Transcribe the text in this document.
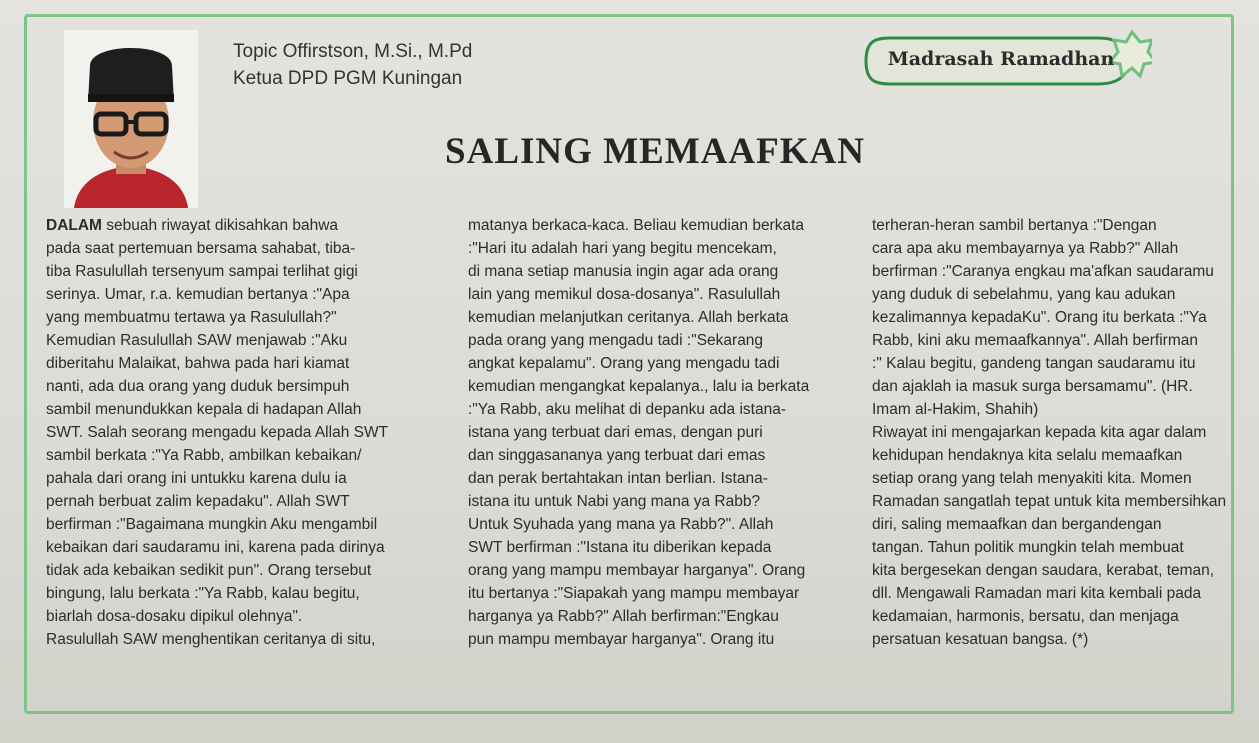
Topic Offirstson, M.Si., M.Pd
Ketua DPD PGM Kuningan
Madrasah Ramadhan
SALING MEMAAFKAN

DALAM sebuah riwayat dikisahkan bahwa

pada saat pertemuan bersama sahabat, tiba-

tiba Rasulullah tersenyum sampai terlihat gigi

serinya. Umar, r.a. kemudian bertanya :"Apa

yang membuatmu tertawa ya Rasulullah?"

Kemudian Rasulullah SAW menjawab :"Aku

diberitahu Malaikat, bahwa pada hari kiamat

nanti, ada dua orang yang duduk bersimpuh

sambil menundukkan kepala di hadapan Allah

SWT. Salah seorang mengadu kepada Allah SWT

sambil berkata :"Ya Rabb, ambilkan kebaikan/

pahala dari orang ini untukku karena dulu ia

pernah berbuat zalim kepadaku". Allah SWT

berfirman :"Bagaimana mungkin Aku mengambil

kebaikan dari saudaramu ini, karena pada dirinya

tidak ada kebaikan sedikit pun". Orang tersebut

bingung, lalu berkata :"Ya Rabb, kalau begitu,

biarlah dosa-dosaku dipikul olehnya".

Rasulullah SAW menghentikan ceritanya di situ,

matanya berkaca-kaca. Beliau kemudian berkata

:"Hari itu adalah hari yang begitu mencekam,

di mana setiap manusia ingin agar ada orang

lain yang memikul dosa-dosanya". Rasulullah

kemudian melanjutkan ceritanya. Allah berkata

pada orang yang mengadu tadi :"Sekarang

angkat kepalamu". Orang yang mengadu tadi

kemudian mengangkat kepalanya., lalu ia berkata

:"Ya Rabb, aku melihat di depanku ada istana-

istana yang terbuat dari emas, dengan puri

dan singgasananya yang terbuat dari emas

dan perak bertahtakan intan berlian. Istana-

istana itu untuk Nabi yang mana ya Rabb?

Untuk Syuhada yang mana ya Rabb?". Allah

SWT berfirman :"Istana itu diberikan kepada

orang yang mampu membayar harganya". Orang

itu bertanya :"Siapakah yang mampu membayar

harganya ya Rabb?" Allah berfirman:"Engkau

pun mampu membayar harganya". Orang itu

terheran-heran sambil bertanya :"Dengan

cara apa aku membayarnya ya Rabb?" Allah

berfirman :"Caranya engkau ma'afkan saudaramu

yang duduk di sebelahmu, yang kau adukan

kezalimannya kepadaKu". Orang itu berkata :"Ya

Rabb, kini aku memaafkannya". Allah berfirman

:" Kalau begitu, gandeng tangan saudaramu itu

dan ajaklah ia masuk surga bersamamu". (HR.

Imam al-Hakim, Shahih)

Riwayat ini mengajarkan kepada kita agar dalam

kehidupan hendaknya kita selalu memaafkan

setiap orang yang telah menyakiti kita. Momen

Ramadan sangatlah tepat untuk kita membersihkan

diri, saling memaafkan dan bergandengan

tangan. Tahun politik mungkin telah membuat

kita bergesekan dengan saudara, kerabat, teman,

dll. Mengawali Ramadan mari kita kembali pada

kedamaian, harmonis, bersatu, dan menjaga

persatuan kesatuan bangsa. (*)
